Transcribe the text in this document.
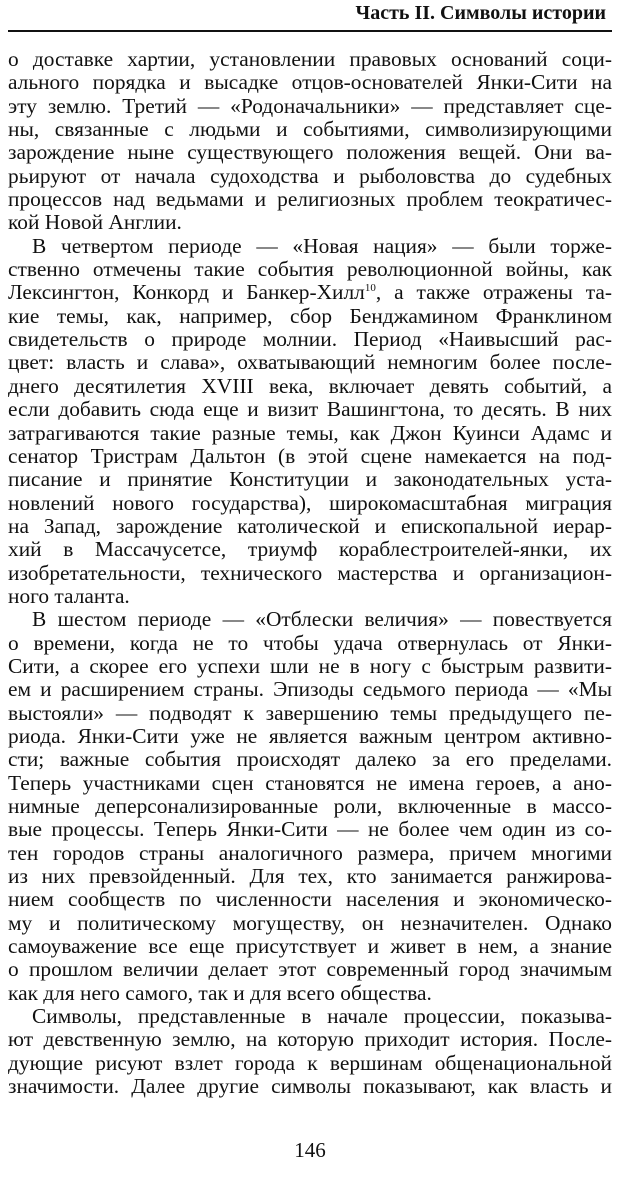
Часть II. Символы истории
о доставке хартии, установлении правовых оснований соци-
ального порядка и высадке отцов-основателей Янки-Сити на
эту землю. Третий — «Родоначальники» — представляет сце-
ны, связанные с людьми и событиями, символизирующими
зарождение ныне существующего положения вещей. Они ва-
рьируют от начала судоходства и рыболовства до судебных
процессов над ведьмами и религиозных проблем теократичес-
кой Новой Англии.
В четвертом периоде — «Новая нация» — были торже-
ственно отмечены такие события революционной войны, как
Лексингтон, Конкорд и Банкер-Хилл$^{10}$, а также отражены та-
кие темы, как, например, сбор Бенджамином Франклином
свидетельств о природе молнии. Период «Наивысший рас-
цвет: власть и слава», охватывающий немногим более после-
днего десятилетия XVIII века, включает девять событий, а
если добавить сюда еще и визит Вашингтона, то десять. В них
затрагиваются такие разные темы, как Джон Куинси Адамс и
сенатор Тристрам Дальтон (в этой сцене намекается на под-
писание и принятие Конституции и законодательных уста-
новлений нового государства), широкомасштабная миграция
на Запад, зарождение католической и епископальной иерар-
хий в Массачусетсе, триумф кораблестроителей-янки, их
изобретательности, технического мастерства и организацион-
ного таланта.
В шестом периоде — «Отблески величия» — повествуется
о времени, когда не то чтобы удача отвернулась от Янки-
Сити, а скорее его успехи шли не в ногу с быстрым развити-
ем и расширением страны. Эпизоды седьмого периода — «Мы
выстояли» — подводят к завершению темы предыдущего пе-
риода. Янки-Сити уже не является важным центром активно-
сти; важные события происходят далеко за его пределами.
Теперь участниками сцен становятся не имена героев, а ано-
нимные деперсонализированные роли, включенные в массо-
вые процессы. Теперь Янки-Сити — не более чем один из со-
тен городов страны аналогичного размера, причем многими
из них превзойденный. Для тех, кто занимается ранжирова-
нием сообществ по численности населения и экономическо-
му и политическому могуществу, он незначителен. Однако
самоуважение все еще присутствует и живет в нем, а знание
о прошлом величии делает этот современный город значимым
как для него самого, так и для всего общества.
Символы, представленные в начале процессии, показыва-
ют девственную землю, на которую приходит история. После-
дующие рисуют взлет города к вершинам общенациональной
значимости. Далее другие символы показывают, как власть и
146
